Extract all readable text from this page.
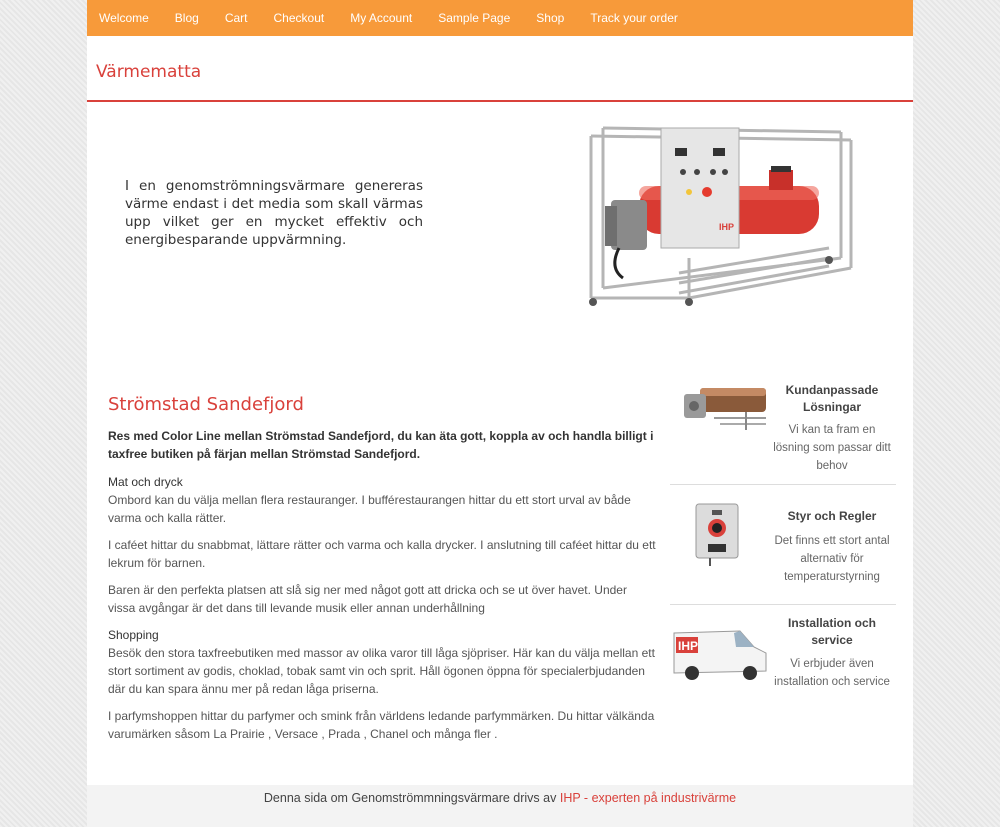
Welcome Blog Cart Checkout My Account Sample Page Shop Track your order
Värmematta

I en genomströmningsvärmare genereras värme endast i det media som skall värmas upp vilket ger en mycket effektiv och energibesparande uppvärmning.

IHP
Strömstad Sandefjord

Res med Color Line mellan Strömstad Sandefjord, du kan äta gott, koppla av och handla billigt i taxfree butiken på färjan mellan Strömstad Sandefjord.

Mat och dryck

Ombord kan du välja mellan flera restauranger. I bufférestaurangen hittar du ett stort urval av både varma och kalla rätter.

I caféet hittar du snabbmat, lättare rätter och varma och kalla drycker. I anslutning till caféet hittar du ett lekrum för barnen.

Baren är den perfekta platsen att slå sig ner med något gott att dricka och se ut över havet. Under vissa avgångar är det dans till levande musik eller annan underhållning

Shopping

Besök den stora taxfreebutiken med massor av olika varor till låga sjöpriser. Här kan du välja mellan ett stort sortiment av godis, choklad, tobak samt vin och sprit. Håll ögonen öppna för specialerbjudanden där du kan spara ännu mer på redan låga priserna.

I parfymshoppen hittar du parfymer och smink från världens ledande parfymmärken. Du hittar välkända varumärken såsom La Prairie , Versace , Prada , Chanel och många fler .

Kundanpassade Lösningar
Vi kan ta fram en lösning som passar ditt behov
Styr och Regler
Det finns ett stort antal alternativ för temperaturstyrning
IHP
Installation och service
Vi erbjuder även installation och service
Denna sida om Genomströmmningsvärmare drivs av IHP - experten på industrivärme
